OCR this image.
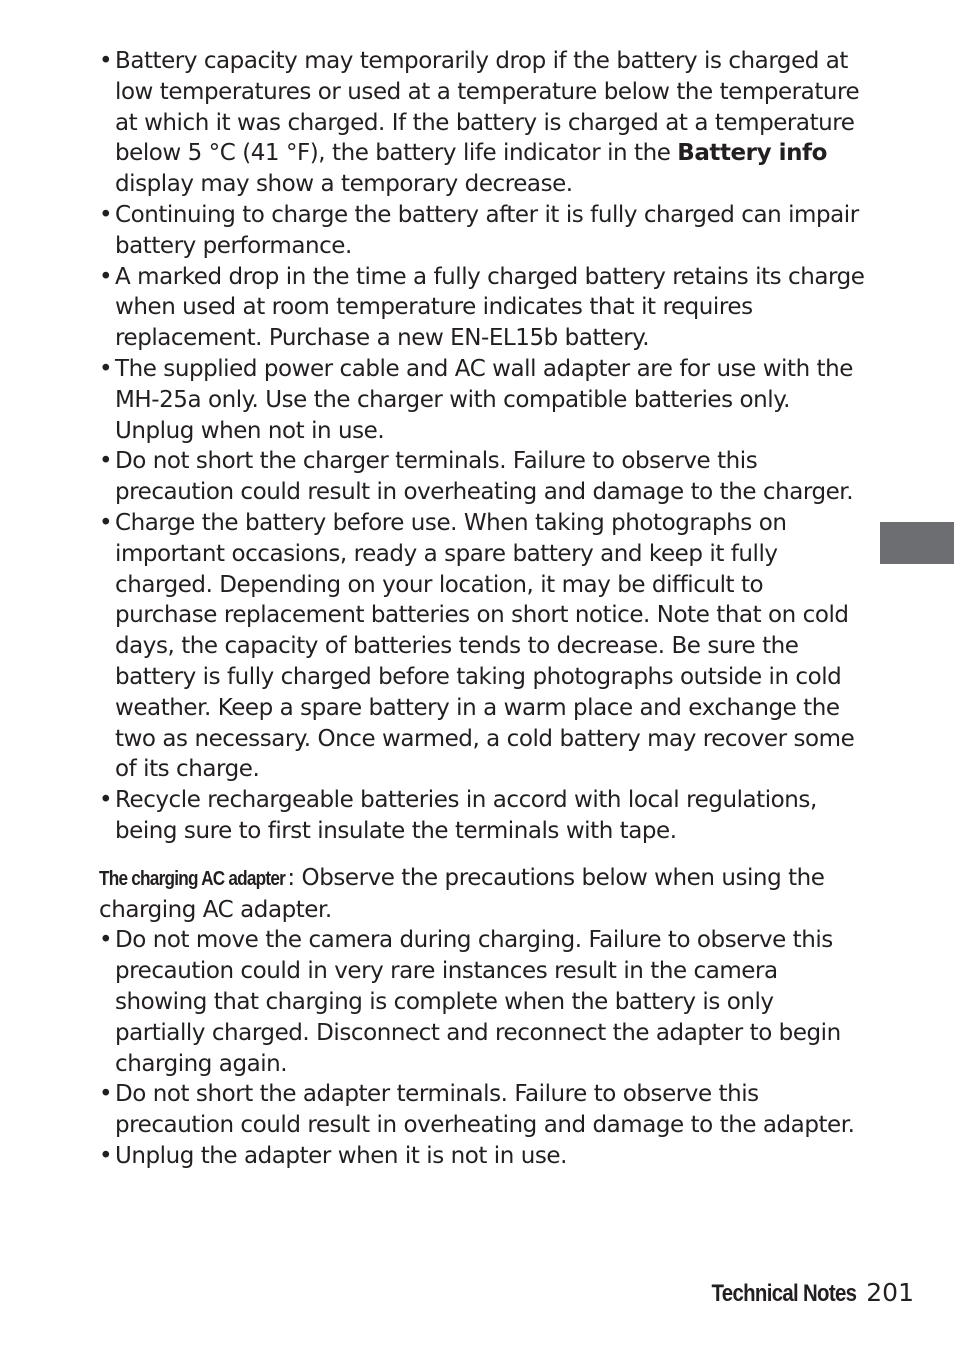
• Battery capacity may temporarily drop if the battery is charged at low temperatures or used at a temperature below the temperature at which it was charged. If the battery is charged at a temperature below 5 °C (41 °F), the battery life indicator in the Battery info display may show a temporary decrease.
• Continuing to charge the battery after it is fully charged can impair battery performance.
• A marked drop in the time a fully charged battery retains its charge when used at room temperature indicates that it requires replacement. Purchase a new EN-EL15b battery.
• The supplied power cable and AC wall adapter are for use with the MH-25a only. Use the charger with compatible batteries only. Unplug when not in use.
• Do not short the charger terminals. Failure to observe this precaution could result in overheating and damage to the charger.
• Charge the battery before use. When taking photographs on important occasions, ready a spare battery and keep it fully charged. Depending on your location, it may be difficult to purchase replacement batteries on short notice. Note that on cold days, the capacity of batteries tends to decrease. Be sure the battery is fully charged before taking photographs outside in cold weather. Keep a spare battery in a warm place and exchange the two as necessary. Once warmed, a cold battery may recover some of its charge.
• Recycle rechargeable batteries in accord with local regulations, being sure to first insulate the terminals with tape.

The charging AC adapter: Observe the precautions below when using the charging AC adapter.

• Do not move the camera during charging. Failure to observe this precaution could in very rare instances result in the camera showing that charging is complete when the battery is only partially charged. Disconnect and reconnect the adapter to begin charging again.
• Do not short the adapter terminals. Failure to observe this precaution could result in overheating and damage to the adapter.
• Unplug the adapter when it is not in use.
Technical Notes 201
